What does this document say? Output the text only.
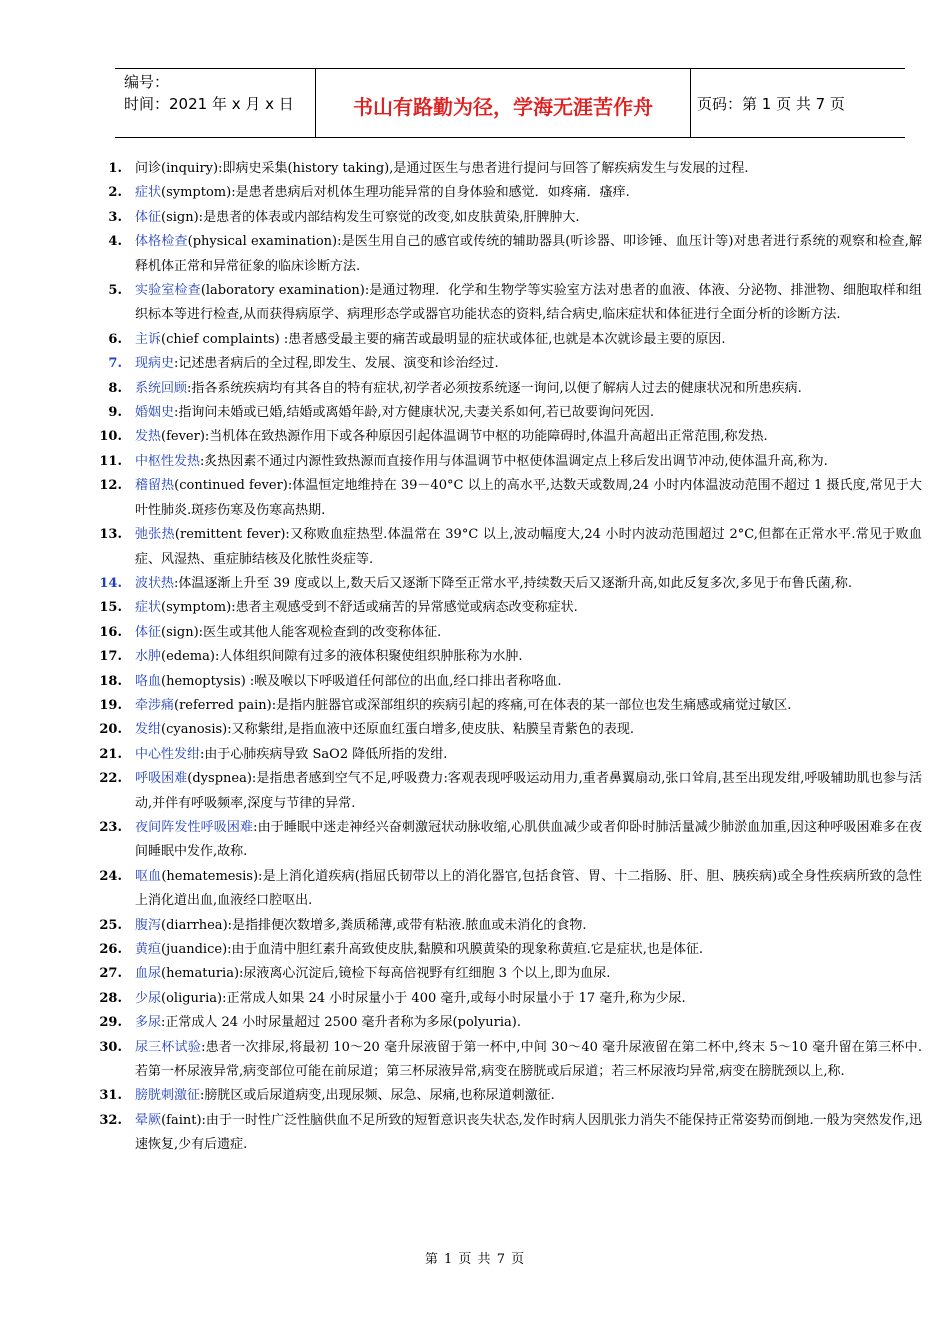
编号：
时间：2021 年 x 月 x 日	书山有路勤为径，学海无涯苦作舟	页码：第 1 页 共 7 页
1. 问诊(inquiry):即病史采集(history taking),是通过医生与患者进行提问与回答了解疾病发生与发展的过程.
2. 症状(symptom):是患者患病后对机体生理功能异常的自身体验和感觉．如疼痛．瘙痒.
3. 体征(sign):是患者的体表或内部结构发生可察觉的改变,如皮肤黄染,肝脾肿大.
4. 体格检查(physical examination):是医生用自己的感官或传统的辅助器具(听诊器、叩诊锤、血压计等)对患者进行系统的观察和检查,解释机体正常和异常征象的临床诊断方法.
5. 实验室检查(laboratory examination):是通过物理．化学和生物学等实验室方法对患者的血液、体液、分泌物、排泄物、细胞取样和组织标本等进行检查,从而获得病原学、病理形态学或器官功能状态的资料,结合病史,临床症状和体征进行全面分析的诊断方法.
6. 主诉(chief complaints) :患者感受最主要的痛苦或最明显的症状或体征,也就是本次就诊最主要的原因.
7. 现病史:记述患者病后的全过程,即发生、发展、演变和诊治经过.
8. 系统回顾:指各系统疾病均有其各自的特有症状,初学者必须按系统逐一询问,以便了解病人过去的健康状况和所患疾病.
9. 婚姻史:指询问未婚或已婚,结婚或离婚年龄,对方健康状况,夫妻关系如何,若已故要询问死因.
10. 发热(fever):当机体在致热源作用下或各种原因引起体温调节中枢的功能障碍时,体温升高超出正常范围,称发热.
11. 中枢性发热:炙热因素不通过内源性致热源而直接作用与体温调节中枢使体温调定点上移后发出调节冲动,使体温升高,称为.
12. 稽留热(continued fever):体温恒定地维持在 39－40°C 以上的高水平,达数天或数周,24 小时内体温波动范围不超过 1 摄氏度,常见于大叶性肺炎.斑疹伤寒及伤寒高热期.
13. 弛张热(remittent fever):又称败血症热型.体温常在 39°C 以上,波动幅度大,24 小时内波动范围超过 2°C,但都在正常水平.常见于败血症、风湿热、重症肺结核及化脓性炎症等.
14. 波状热:体温逐渐上升至 39 度或以上,数天后又逐渐下降至正常水平,持续数天后又逐渐升高,如此反复多次,多见于布鲁氏菌,称.
15. 症状(symptom):患者主观感受到不舒适或痛苦的异常感觉或病态改变称症状.
16. 体征(sign):医生或其他人能客观检查到的改变称体征.
17. 水肿(edema):人体组织间隙有过多的液体积聚使组织肿胀称为水肿.
18. 咯血(hemoptysis) :喉及喉以下呼吸道任何部位的出血,经口排出者称咯血.
19. 牵涉痛(referred pain):是指内脏器官或深部组织的疾病引起的疼痛,可在体表的某一部位也发生痛感或痛觉过敏区.
20. 发绀(cyanosis):又称紫绀,是指血液中还原血红蛋白增多,使皮肤、粘膜呈青紫色的表现.
21. 中心性发绀:由于心肺疾病导致 SaO2 降低所指的发绀.
22. 呼吸困难(dyspnea):是指患者感到空气不足,呼吸费力:客观表现呼吸运动用力,重者鼻翼扇动,张口耸肩,甚至出现发绀,呼吸辅助肌也参与活动,并伴有呼吸频率,深度与节律的异常.
23. 夜间阵发性呼吸困难:由于睡眠中迷走神经兴奋刺激冠状动脉收缩,心肌供血减少或者仰卧时肺活量减少肺淤血加重,因这种呼吸困难多在夜间睡眠中发作,故称.
24. 呕血(hematemesis):是上消化道疾病(指屈氏韧带以上的消化器官,包括食管、胃、十二指肠、肝、胆、胰疾病)或全身性疾病所致的急性上消化道出血,血液经口腔呕出.
25. 腹泻(diarrhea):是指排便次数增多,粪质稀薄,或带有粘液.脓血或未消化的食物.
26. 黄疸(juandice):由于血清中胆红素升高致使皮肤,黏膜和巩膜黄染的现象称黄疸.它是症状,也是体征.
27. 血尿(hematuria):尿液离心沉淀后,镜检下每高倍视野有红细胞 3 个以上,即为血尿.
28. 少尿(oliguria):正常成人如果 24 小时尿量小于 400 毫升,或每小时尿量小于 17 毫升,称为少尿.
29. 多尿:正常成人 24 小时尿量超过 2500 毫升者称为多尿(polyuria).
30. 尿三杯试验:患者一次排尿,将最初 10～20 毫升尿液留于第一杯中,中间 30～40 毫升尿液留在第二杯中,终末 5～10 毫升留在第三杯中. 若第一杯尿液异常,病变部位可能在前尿道；第三杯尿液异常,病变在膀胱或后尿道；若三杯尿液均异常,病变在膀胱颈以上,称.
31. 膀胱刺激征:膀胱区或后尿道病变,出现尿频、尿急、尿痛,也称尿道刺激征.
32. 晕厥(faint):由于一时性广泛性脑供血不足所致的短暂意识丧失状态,发作时病人因肌张力消失不能保持正常姿势而倒地.一般为突然发作,迅速恢复,少有后遗症.
第 1 页 共 7 页
